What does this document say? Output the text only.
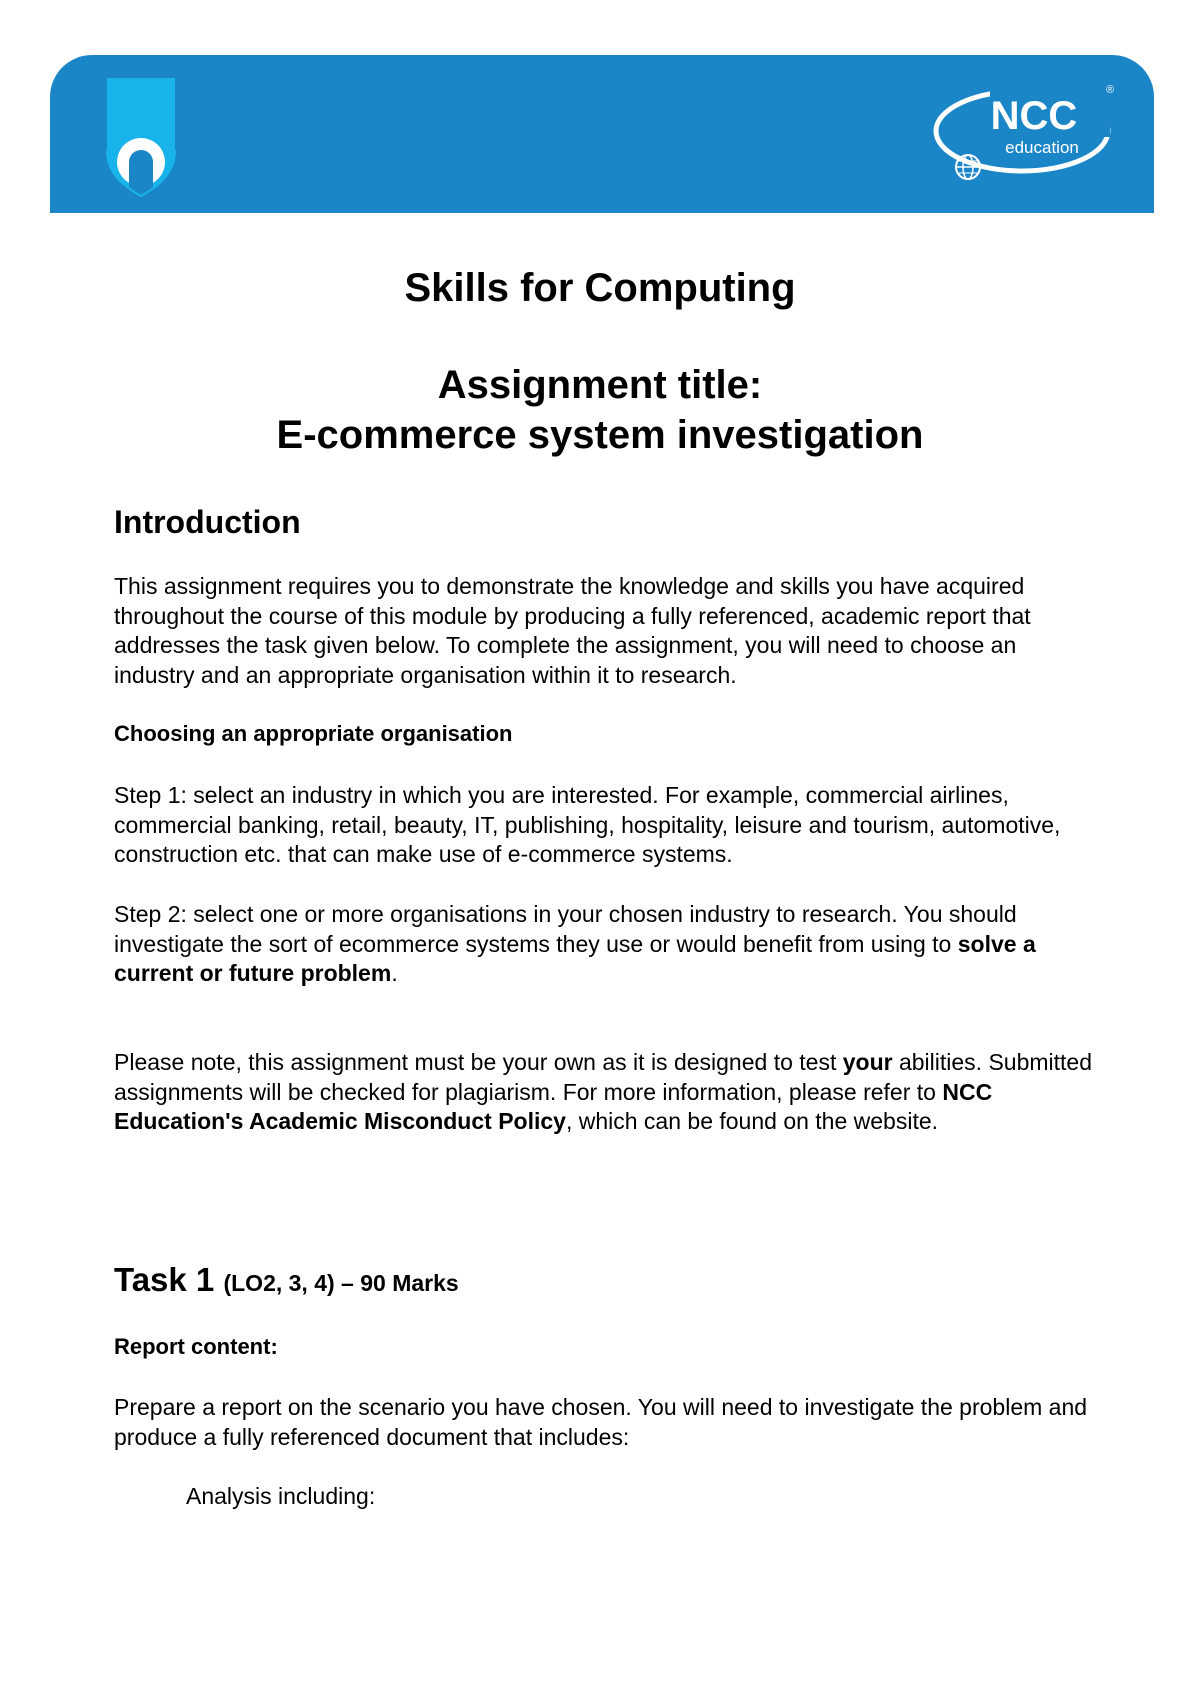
NCC
education
®
Skills for Computing
Assignment title:
E-commerce system investigation
Introduction

This assignment requires you to demonstrate the knowledge and skills you have acquired throughout the course of this module by producing a fully referenced, academic report that addresses the task given below. To complete the assignment, you will need to choose an industry and an appropriate organisation within it to research.

Choosing an appropriate organisation

Step 1: select an industry in which you are interested. For example, commercial airlines, commercial banking, retail, beauty, IT, publishing, hospitality, leisure and tourism, automotive, construction etc. that can make use of e-commerce systems.

Step 2: select one or more organisations in your chosen industry to research. You should investigate the sort of ecommerce systems they use or would benefit from using to solve a current or future problem.

Please note, this assignment must be your own as it is designed to test your abilities. Submitted assignments will be checked for plagiarism. For more information, please refer to NCC Education's Academic Misconduct Policy, which can be found on the website.

Task 1 (LO2, 3, 4) – 90 Marks
Report content:

Prepare a report on the scenario you have chosen. You will need to investigate the problem and produce a fully referenced document that includes:

Analysis including:
